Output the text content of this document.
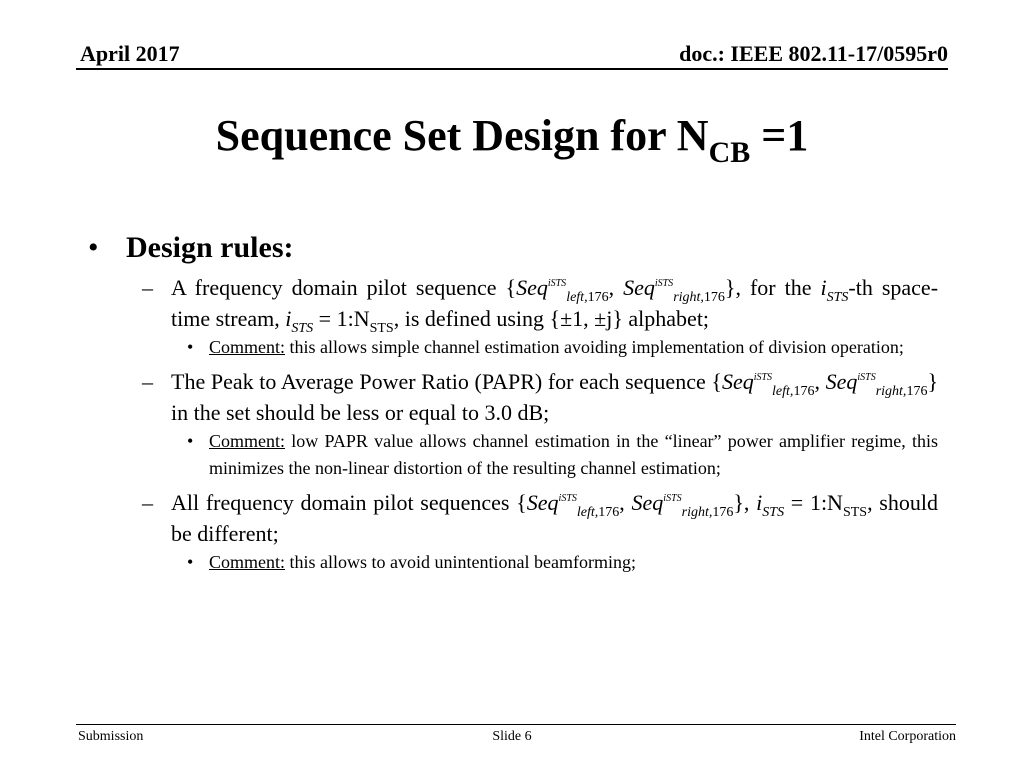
April 2017	doc.: IEEE 802.11-17/0595r0
Sequence Set Design for $N_{CB} =1$
• Design rules:
– A frequency domain pilot sequence {Seq$^{iSTS}_{left,176}$, Seq$^{iSTS}_{right,176}$}, for the $i_{STS}-th$ space-time stream, $i_{STS}$ = $1:N_{STS}$, is defined using {±1, ±j} alphabet;
• Comment: this allows simple channel estimation avoiding implementation of division operation;
– The Peak to Average Power Ratio (PAPR) for each sequence {Seq$^{iSTS}_{left,176}$, Seq$^{iSTS}_{right,176}$} in the set should be less or equal to 3.0 dB;
• Comment: low PAPR value allows channel estimation in the “linear” power amplifier regime, this minimizes the non-linear distortion of the resulting channel estimation;
– All frequency domain pilot sequences {Seq$^{iSTS}_{left,176}$, Seq$^{iSTS}_{right,176}$}, $i_{STS}$ = $1:N_{STS}$, should be different;
• Comment: this allows to avoid unintentional beamforming;
Submission	Slide 6	Intel Corporation
